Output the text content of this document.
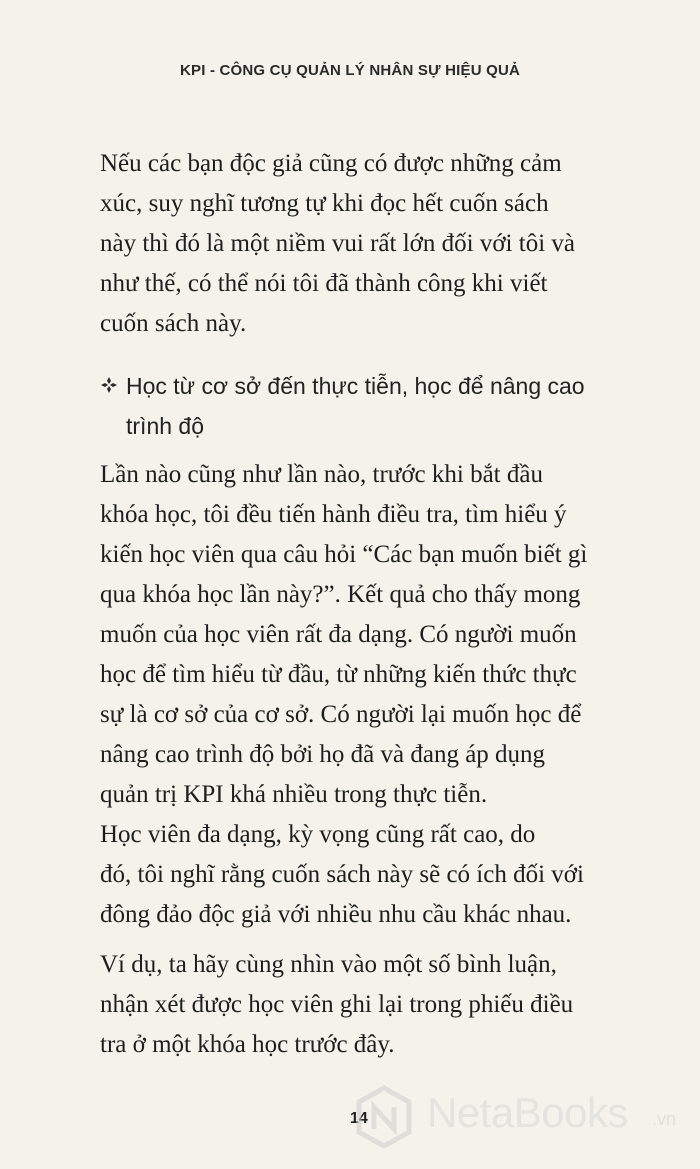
KPI - CÔNG CỤ QUẢN LÝ NHÂN SỰ HIỆU QUẢ
Nếu các bạn độc giả cũng có được những cảm
xúc, suy nghĩ tương tự khi đọc hết cuốn sách
này thì đó là một niềm vui rất lớn đối với tôi và
như thế, có thể nói tôi đã thành công khi viết
cuốn sách này.
Học từ cơ sở đến thực tiễn, học để nâng cao
trình độ
Lần nào cũng như lần nào, trước khi bắt đầu
khóa học, tôi đều tiến hành điều tra, tìm hiểu ý
kiến học viên qua câu hỏi “Các bạn muốn biết gì
qua khóa học lần này?”. Kết quả cho thấy mong
muốn của học viên rất đa dạng. Có người muốn
học để tìm hiểu từ đầu, từ những kiến thức thực
sự là cơ sở của cơ sở. Có người lại muốn học để
nâng cao trình độ bởi họ đã và đang áp dụng
quản trị KPI khá nhiều trong thực tiễn.
Học viên đa dạng, kỳ vọng cũng rất cao, do
đó, tôi nghĩ rằng cuốn sách này sẽ có ích đối với
đông đảo độc giả với nhiều nhu cầu khác nhau.
Ví dụ, ta hãy cùng nhìn vào một số bình luận,
nhận xét được học viên ghi lại trong phiếu điều
tra ở một khóa học trước đây.
14 NetaBooks .vn
